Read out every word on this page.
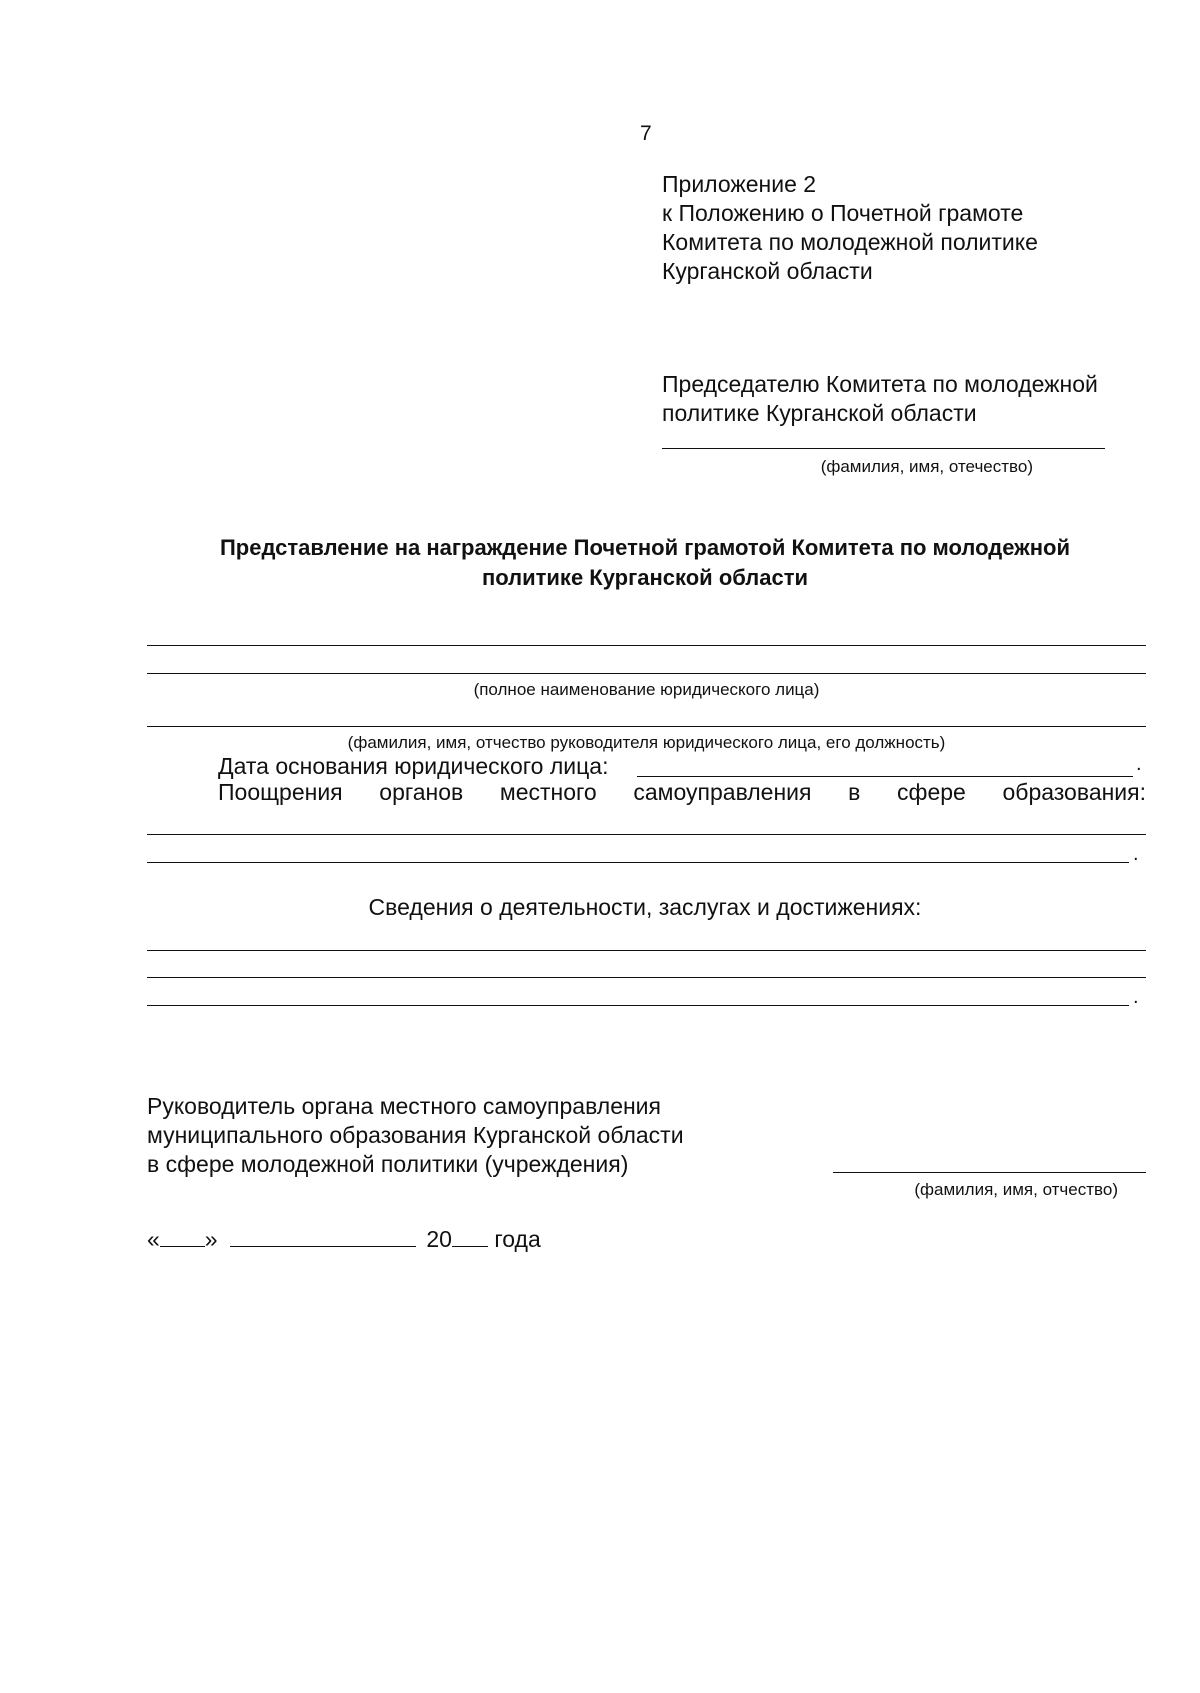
7
Приложение 2
к Положению о Почетной грамоте
Комитета по молодежной политике
Курганской области
Председателю Комитета по молодежной
политике Курганской области
(фамилия, имя, отечество)
Представление на награждение Почетной грамотой Комитета по молодежной
политике Курганской области
(полное наименование юридического лица)
(фамилия, имя, отчество руководителя юридического лица, его должность)
Дата основания юридического лица:	.
Поощрения органов местного самоуправления в сфере образования:
.
Сведения о деятельности, заслугах и достижениях:
.
Руководитель органа местного самоуправления
муниципального образования Курганской области
в сфере молодежной политики (учреждения)
(фамилия, имя, отчество)
« »	20 года
